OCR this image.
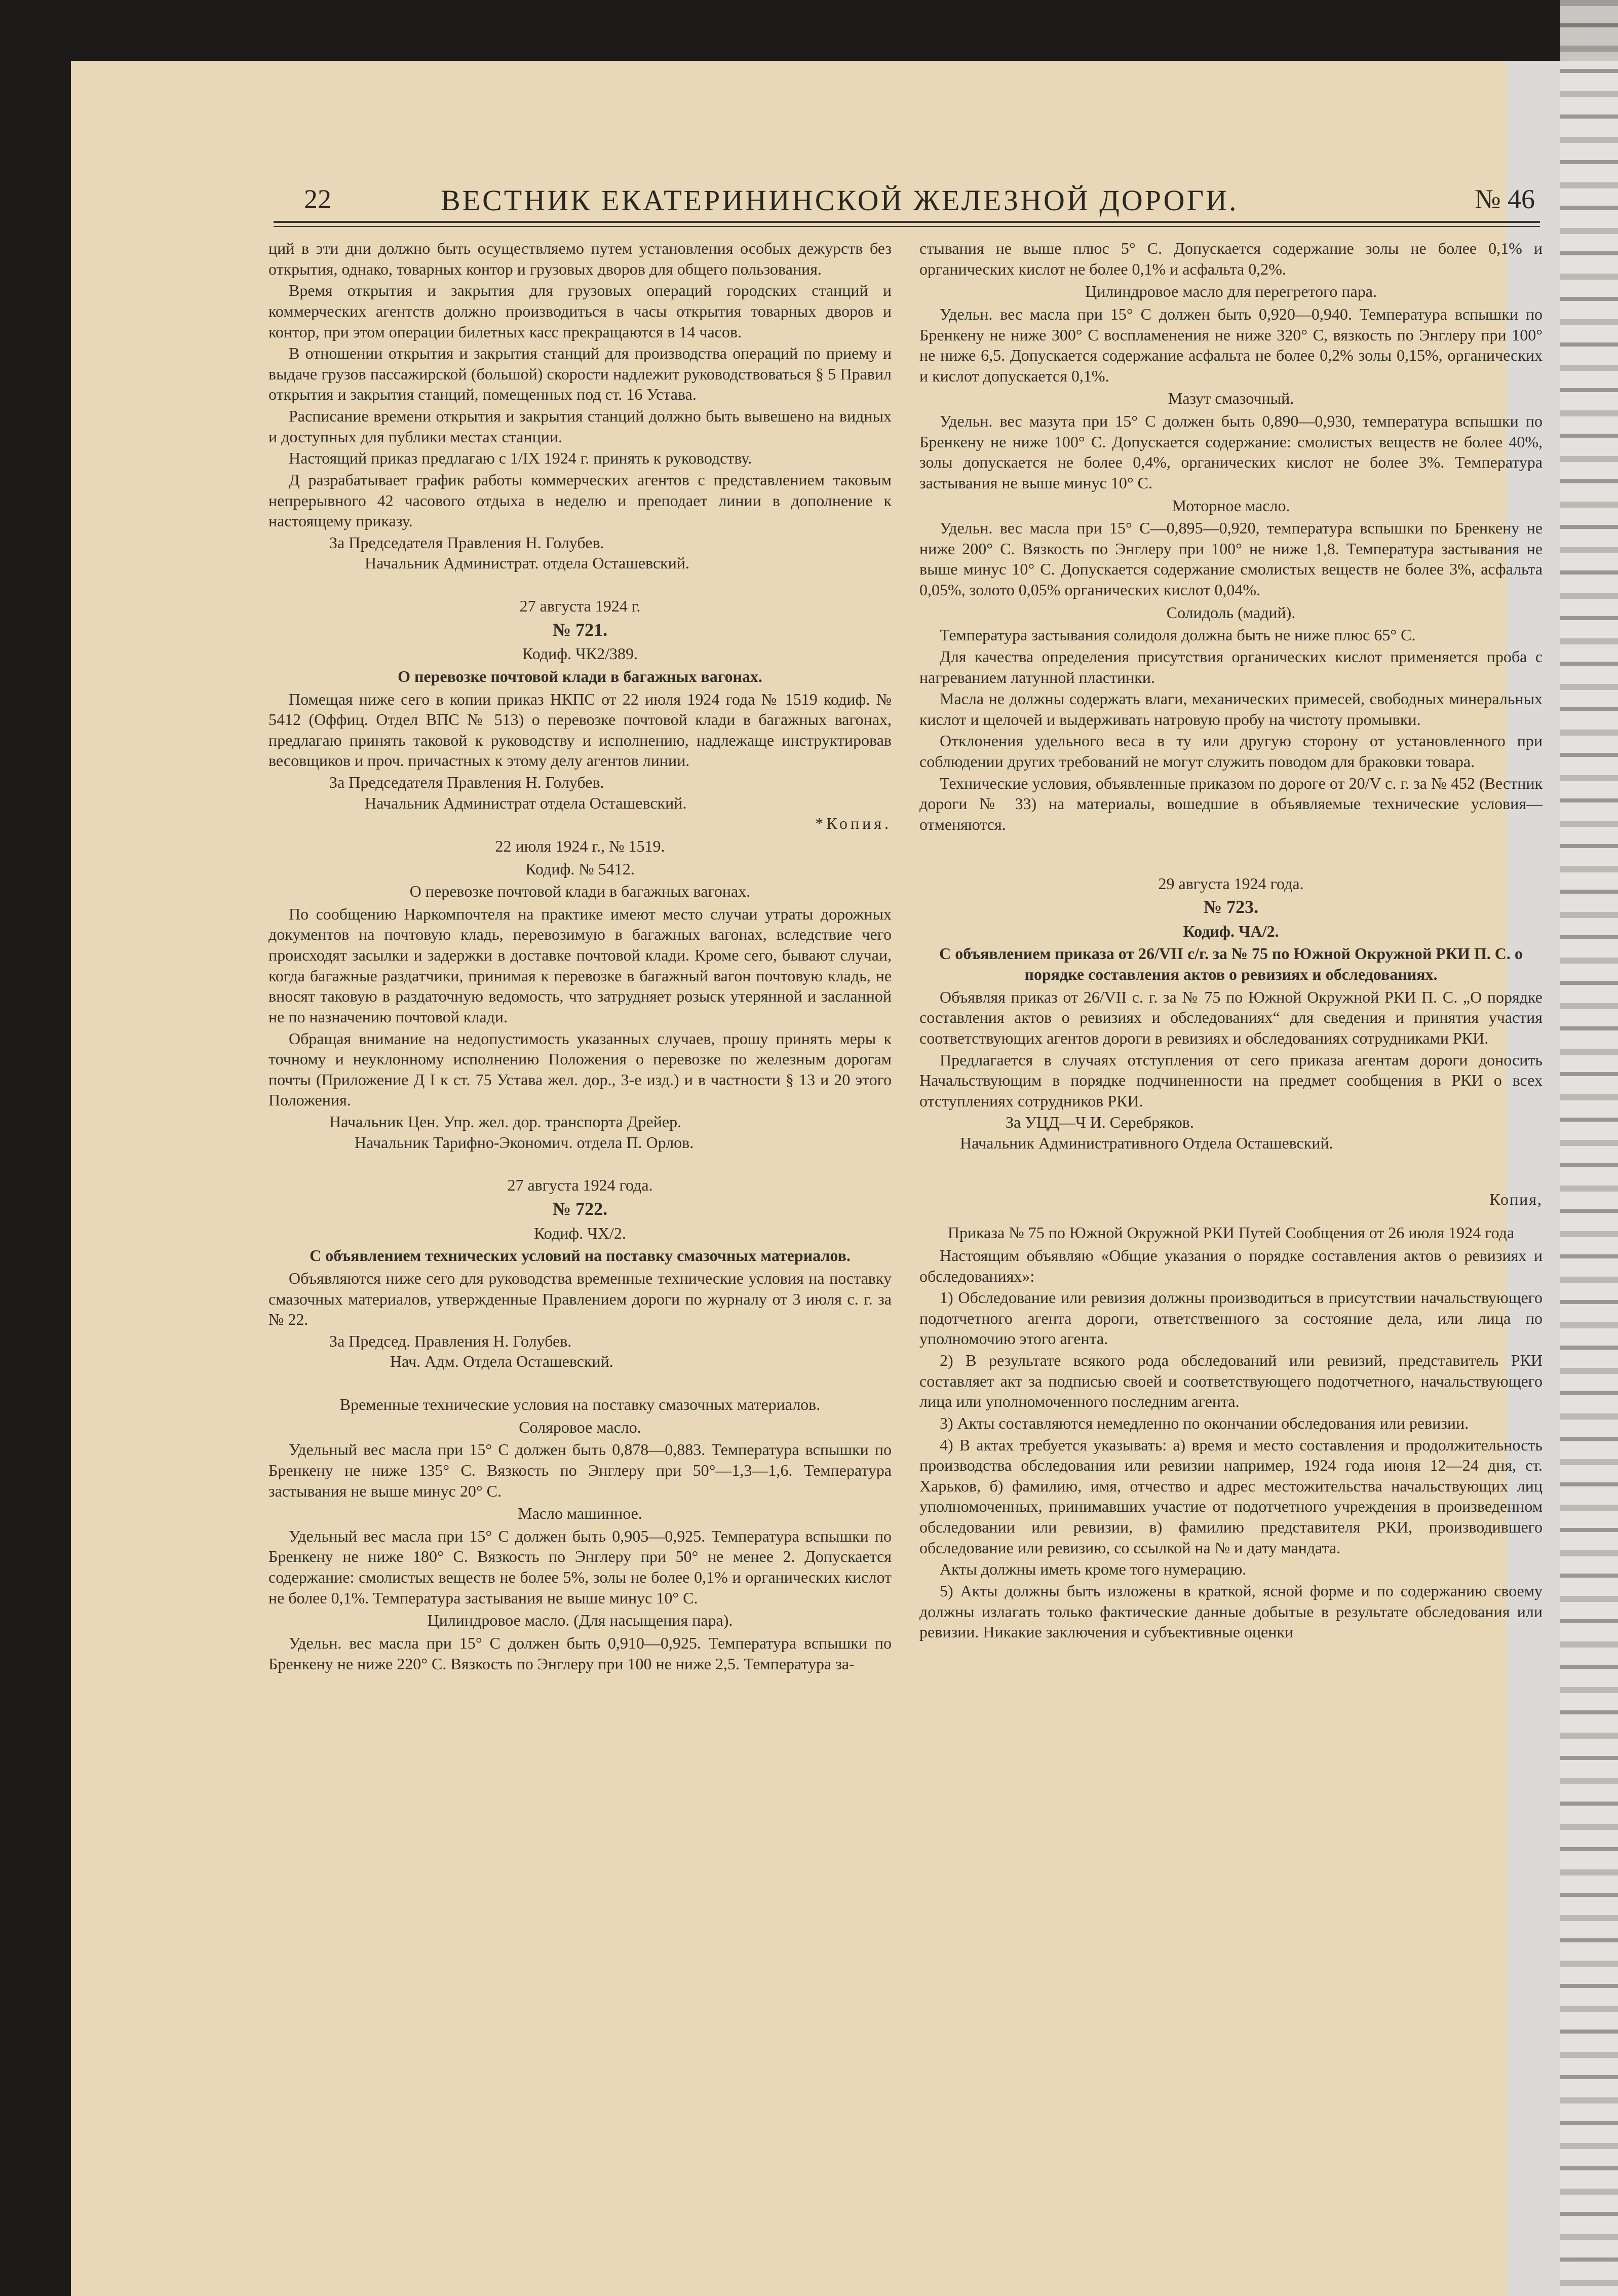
22	ВЕСТНИК ЕКАТЕРИНИНСКОЙ ЖЕЛЕЗНОЙ ДОРОГИ.	№ 46

ций в эти дни должно быть осуществляемо путем установления особых дежурств без открытия, однако, товарных контор и грузовых дворов для общего пользования.

Время открытия и закрытия для грузовых операций городских станций и коммерческих агентств должно производиться в часы открытия товарных дворов и контор, при этом операции билетных касс прекращаются в 14 часов.

В отношении открытия и закрытия станций для производства операций по приему и выдаче грузов пассажирской (большой) скорости надлежит руководствоваться § 5 Правил открытия и закрытия станций, помещенных под ст. 16 Устава.

Расписание времени открытия и закрытия станций должно быть вывешено на видных и доступных для публики местах станции.

Настоящий приказ предлагаю с 1/IX 1924 г. принять к руководству.

Д разрабатывает график работы коммерческих агентов с представлением таковым непрерывного 42 часового отдыха в неделю и преподает линии в дополнение к настоящему приказу.

За Председателя Правления Н. Голубев.

Начальник Администрат. отдела Осташевский.

27 августа 1924 г.

№ 721.

Кодиф. ЧК2/389.

О перевозке почтовой клади в багажных вагонах.

Помещая ниже сего в копии приказ НКПС от 22 июля 1924 года № 1519 кодиф. № 5412 (Оффиц. Отдел ВПС № 513) о перевозке почтовой клади в багажных вагонах, предлагаю принять таковой к руководству и исполнению, надлежаще инструктировав весовщиков и проч. причастных к этому делу агентов линии.

За Председателя Правления Н. Голубев.

Начальник Администрат отдела Осташевский.

*Копия.

22 июля 1924 г., № 1519.

Кодиф. № 5412.

О перевозке почтовой клади в багажных вагонах.

По сообщению Наркомпочтеля на практике имеют место случаи утраты дорожных документов на почтовую кладь, перевозимую в багажных вагонах, вследствие чего происходят засылки и задержки в доставке почтовой клади. Кроме сего, бывают случаи, когда багажные раздатчики, принимая к перевозке в багажный вагон почтовую кладь, не вносят таковую в раздаточную ведомость, что затрудняет розыск утерянной и засланной не по назначению почтовой клади.

Обращая внимание на недопустимость указанных случаев, прошу принять меры к точному и неуклонному исполнению Положения о перевозке по железным дорогам почты (Приложение Д I к ст. 75 Устава жел. дор., 3-е изд.) и в частности § 13 и 20 этого Положения.

Начальник Цен. Упр. жел. дор. транспорта Дрейер.

Начальник Тарифно-Экономич. отдела П. Орлов.

27 августа 1924 года.

№ 722.

Кодиф. ЧХ/2.

С объявлением технических условий на поставку смазочных материалов.

Объявляются ниже сего для руководства временные технические условия на поставку смазочных материалов, утвержденные Правлением дороги по журналу от 3 июля с. г. за № 22.

За Председ. Правления Н. Голубев.

Нач. Адм. Отдела Осташевский.

Временные технические условия на поставку смазочных материалов.

Соляровое масло.

Удельный вес масла при 15° С должен быть 0,878—0,883. Температура вспышки по Бренкену не ниже 135° С. Вязкость по Энглеру при 50°—1,3—1,6. Температура застывания не выше минус 20° С.

Масло машинное.

Удельный вес масла при 15° С должен быть 0,905—0,925. Температура вспышки по Бренкену не ниже 180° С. Вязкость по Энглеру при 50° не менее 2. Допускается содержание: смолистых веществ не более 5%, золы не более 0,1% и органических кислот не более 0,1%. Температура застывания не выше минус 10° С.

Цилиндровое масло. (Для насыщения пара).

Удельн. вес масла при 15° С должен быть 0,910—0,925. Температура вспышки по Бренкену не ниже 220° С. Вязкость по Энглеру при 100 не ниже 2,5. Температура за-

стывания не выше плюс 5° С. Допускается содержание золы не более 0,1% и органических кислот не более 0,1% и асфальта 0,2%.

Цилиндровое масло для перегретого пара.

Удельн. вес масла при 15° С должен быть 0,920—0,940. Температура вспышки по Бренкену не ниже 300° С воспламенения не ниже 320° С, вязкость по Энглеру при 100° не ниже 6,5. Допускается содержание асфальта не более 0,2% золы 0,15%, органических и кислот допускается 0,1%.

Мазут смазочный.

Удельн. вес мазута при 15° С должен быть 0,890—0,930, температура вспышки по Бренкену не ниже 100° С. Допускается содержание: смолистых веществ не более 40%, золы допускается не более 0,4%, органических кислот не более 3%. Температура застывания не выше минус 10° С.

Моторное масло.

Удельн. вес масла при 15° С—0,895—0,920, температура вспышки по Бренкену не ниже 200° С. Вязкость по Энглеру при 100° не ниже 1,8. Температура застывания не выше минус 10° С. Допускается содержание смолистых веществ не более 3%, асфальта 0,05%, золото 0,05% органических кислот 0,04%.

Солидоль (мадий).

Температура застывания солидоля должна быть не ниже плюс 65° С.

Для качества определения присутствия органических кислот применяется проба с нагреванием латунной пластинки.

Масла не должны содержать влаги, механических примесей, свободных минеральных кислот и щелочей и выдерживать натровую пробу на чистоту промывки.

Отклонения удельного веса в ту или другую сторону от установленного при соблюдении других требований не могут служить поводом для браковки товара.

Технические условия, объявленные приказом по дороге от 20/V с. г. за № 452 (Вестник дороги № 33) на материалы, вошедшие в объявляемые технические условия—отменяются.

29 августа 1924 года.

№ 723.

Кодиф. ЧА/2.

С объявлением приказа от 26/VII с/г. за № 75 по Южной Окружной РКИ П. С. о порядке составления актов о ревизиях и обследованиях.

Объявляя приказ от 26/VII с. г. за № 75 по Южной Окружной РКИ П. С. „О порядке составления актов о ревизиях и обследованиях“ для сведения и принятия участия соответствующих агентов дороги в ревизиях и обследованиях сотрудниками РКИ.

Предлагается в случаях отступления от сего приказа агентам дороги доносить Начальствующим в порядке подчиненности на предмет сообщения в РКИ о всех отступлениях сотрудников РКИ.

За УЦД—Ч И. Серебряков.

Начальник Административного Отдела Осташевский.

Копия,

Приказа № 75 по Южной Окружной РКИ Путей Сообщения от 26 июля 1924 года

Настоящим объявляю «Общие указания о порядке составления актов о ревизиях и обследованиях»:

1) Обследование или ревизия должны производиться в присутствии начальствующего подотчетного агента дороги, ответственного за состояние дела, или лица по уполномочию этого агента.

2) В результате всякого рода обследований или ревизий, представитель РКИ составляет акт за подписью своей и соответствующего подотчетного, начальствующего лица или уполномоченного последним агента.

3) Акты составляются немедленно по окончании обследования или ревизии.

4) В актах требуется указывать: а) время и место составления и продолжительность производства обследования или ревизии например, 1924 года июня 12—24 дня, ст. Харьков, б) фамилию, имя, отчество и адрес местожительства начальствующих лиц уполномоченных, принимавших участие от подотчетного учреждения в произведенном обследовании или ревизии, в) фамилию представителя РКИ, производившего обследование или ревизию, со ссылкой на № и дату мандата.

Акты должны иметь кроме того нумерацию.

5) Акты должны быть изложены в краткой, ясной форме и по содержанию своему должны излагать только фактические данные добытые в результате обследования или ревизии. Никакие заключения и субъективные оценки
